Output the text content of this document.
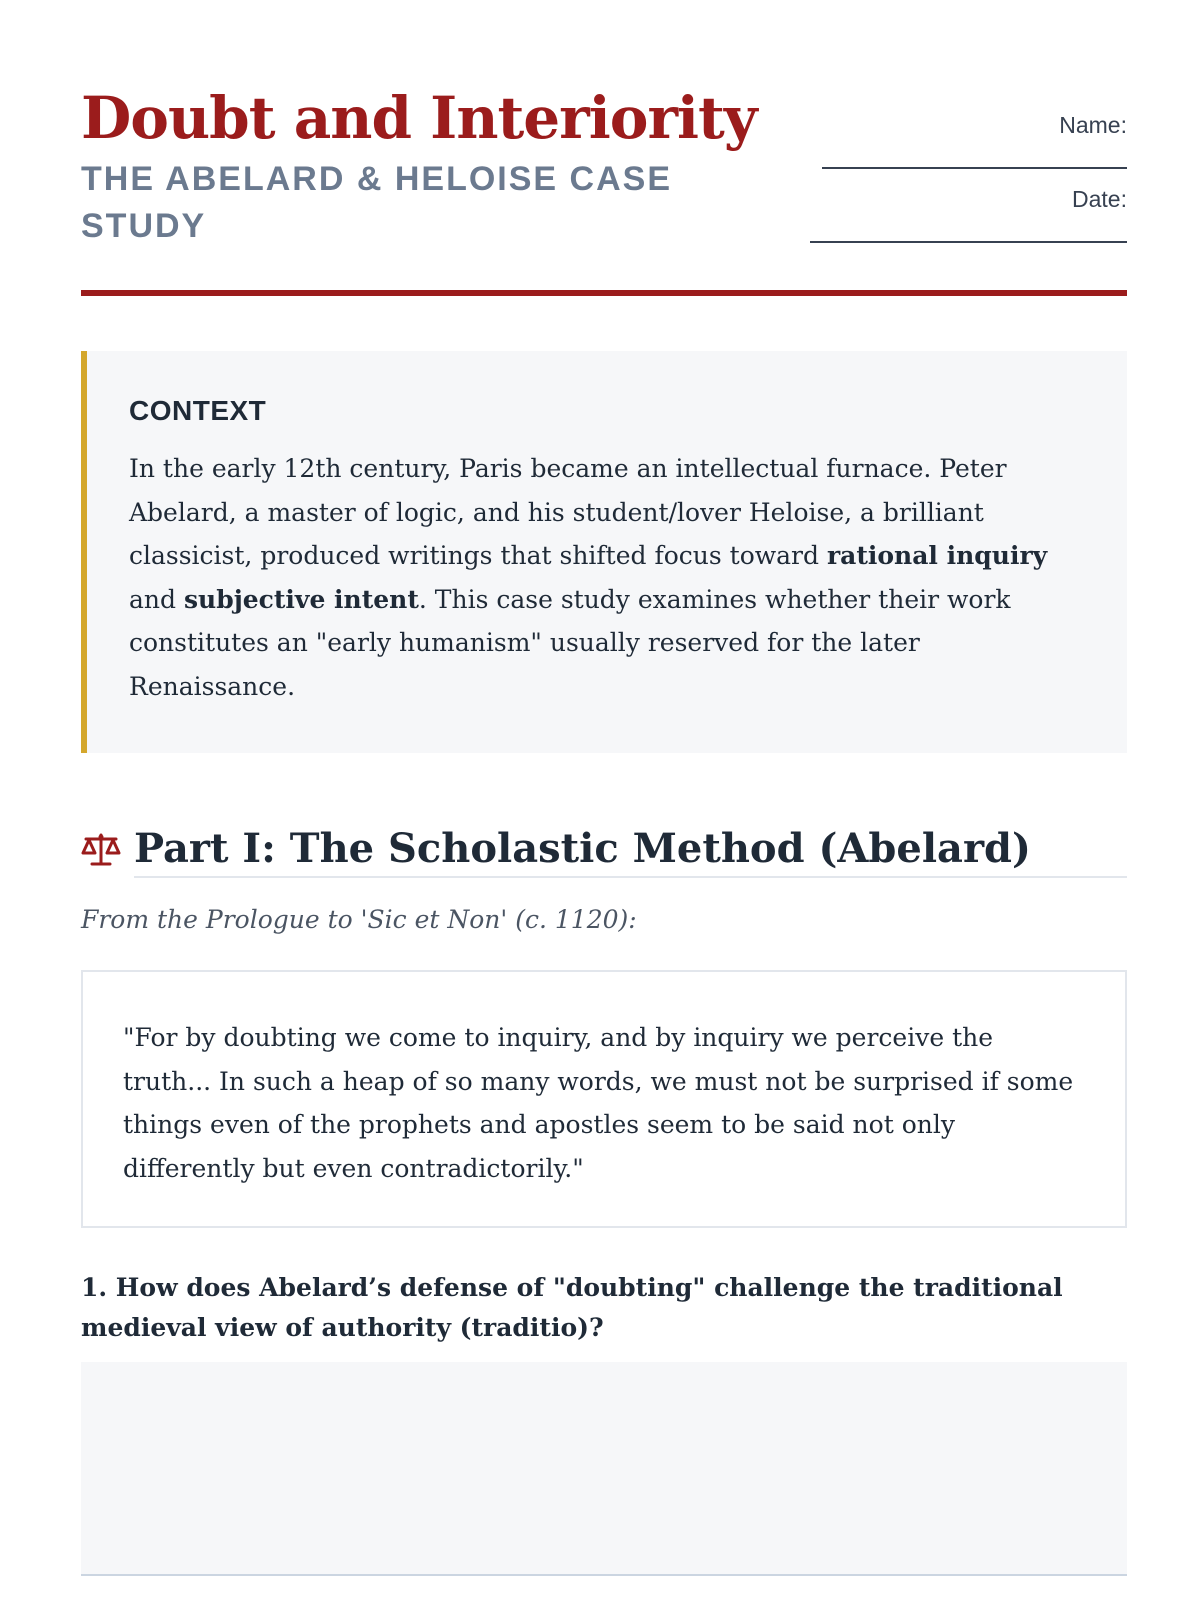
Doubt and Interiority
THE ABELARD & HELOISE CASE STUDY
Name:
Date:
CONTEXT

In the early 12th century, Paris became an intellectual furnace. Peter Abelard, a master of logic, and his student/lover Heloise, a brilliant classicist, produced writings that shifted focus toward rational inquiry and subjective intent. This case study examines whether their work constitutes an "early humanism" usually reserved for the later Renaissance.

Part I: The Scholastic Method (Abelard)

From the Prologue to 'Sic et Non' (c. 1120):

"For by doubting we come to inquiry, and by inquiry we perceive the truth... In such a heap of so many words, we must not be surprised if some things even of the prophets and apostles seem to be said not only differently but even contradictorily."

1. How does Abelard’s defense of "doubting" challenge the traditional medieval view of authority (traditio)?
